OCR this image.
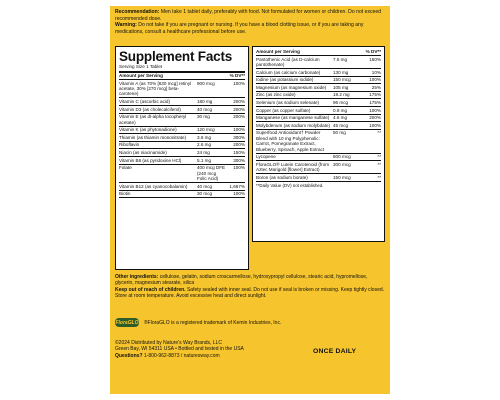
Recommendation: Men take 1 tablet daily, preferably with food. Not formulated for women or children. Do not exceed recommended dose.

Warning: Do not take if you are pregnant or nursing. If you have a blood clotting issue, or if you are taking any medications, consult a healthcare professional before use.

Supplement Facts
Serving Size 1 Tablet
Amount per Serving	% DV**
Vitamin A (as 70% [630 mcg] retinyl acetate, 30% [270 mcg] beta-carotene)
900 mcg	100%
Vitamin C (ascorbic acid)	180 mg	200%
Vitamin D3 (as cholecalciferol)	40 mcg	200%
Vitamin E (as dl-alpha tocopheryl acetate)
30 mg	200%
Vitamin K (as phytonadione)	120 mcg	100%
Thiamin (as thiamin mononitrate)	3.6 mg	300%
Riboflavin	2.6 mg	200%
Niacin (as niacinamide)	24 mg	150%
Vitamin B6 (as pyridoxine HCl)	5.1 mg	300%
Folate	400 mcg DFE (240 mcg Folic Acid)
100%
Vitamin B12 (as cyanocobalamin)	40 mcg	1,667%
Biotin	30 mcg	100%
Amount per Serving	% DV**
Pantothenic Acid (as D-calcium pantothenate)
7.5 mg	150%
Calcium (as calcium carbonate)	130 mg	10%
Iodine (as potassium iodide)	150 mcg	100%
Magnesium (as magnesium oxide)	105 mg	25%
Zinc (as zinc oxide)	19.2 mg	175%
Selenium (as sodium selenate)	96 mcg	175%
Copper (as copper sulfate)	0.9 mg	100%
Manganese (as manganese sulfate) 4.6 mg	200%
Molybdenum (as sodium molybdate) 45 mcg	100%
Superfood Antioxidant† Powder Blend with 10 mg Polyphenolic: Carrot, Pomegranate Extract, Blueberry, Spinach, Apple Extract
50 mg	**
Lycopene	600 mcg	**
FloraGLO® Lutein Carotenoid (from Aztec Marigold [flower] Extract)
300 mcg	**
Boron (as sodium borate)	150 mcg	**
**Daily Value (DV) not established.

Other ingredients: cellulose, gelatin, sodium croscarmellose, hydroxypropyl cellulose, stearic acid, hypromellose, glycerin, magnesium stearate, silica

Keep out of reach of children. Safety sealed with inner seal. Do not use if seal is broken or missing. Keep tightly closed. Store at room temperature. Avoid excessive heat and direct sunlight.

FloraGLO ®FloraGLO is a registered trademark of Kemin Industries, Inc.

©2024 Distributed by Nature's Way Brands, LLC

Green Bay, WI 54311 USA • Bottled and tested in the USA

Questions? 1-800-962-8873 / naturesway.com

ONCE DAILY
